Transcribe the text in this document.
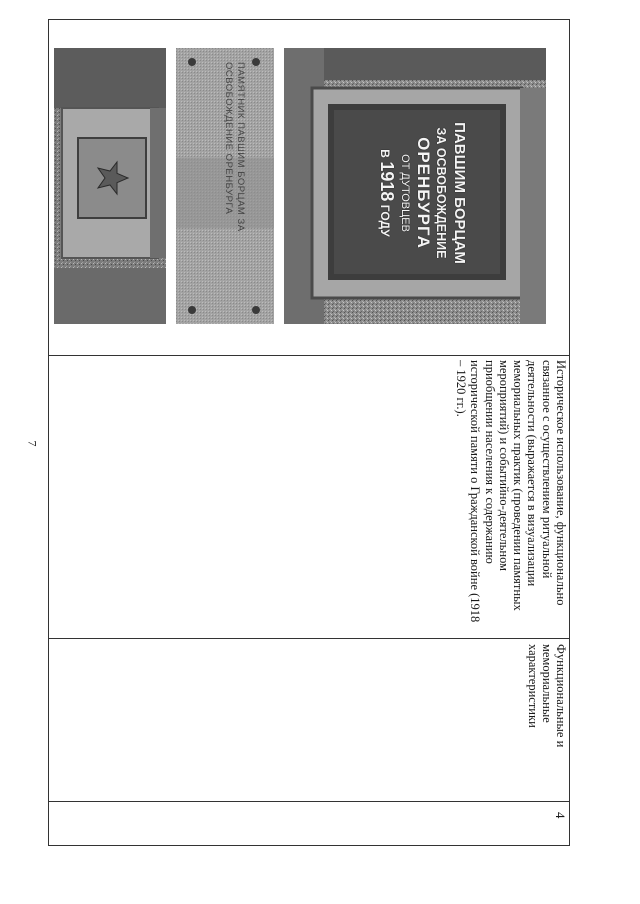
7
4
Функциональные и
мемориальные
характеристики
Историческое использование, функционально
связанное с осуществлением ритуальной
деятельности (выражается в визуализации
мемориальных практик (проведении памятных
мероприятий) и событийно-деятельном
приобщении населения к содержанию
исторической памяти о Гражданской войне (1918
– 1920 гг.).
ПАВШИМ БОРЦАМ
ЗА ОСВОБОЖДЕНИЕ
ОРЕНБУРГА
ОТ ДУТОВЦЕВ
В 1918 ГОДУ
ПАМЯТНИК ПАВШИМ БОРЦАМ ЗА
ОСВОБОЖДЕНИЕ ОРЕНБУРГА
